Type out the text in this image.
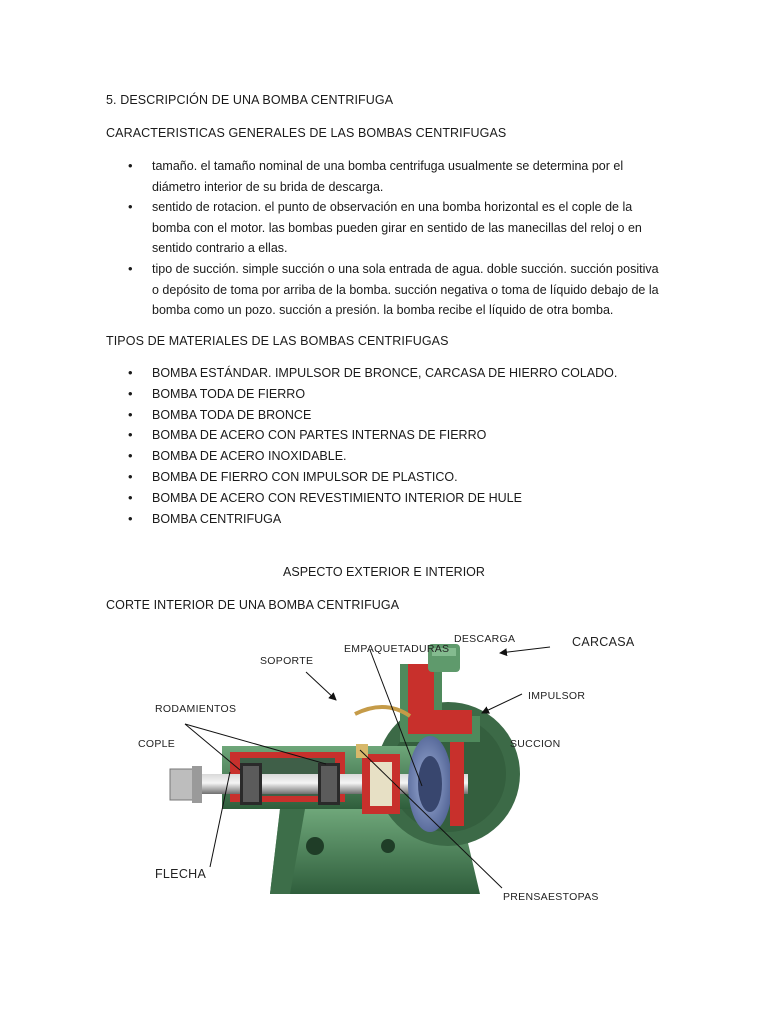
5. DESCRIPCIÓN DE UNA BOMBA CENTRIFUGA
CARACTERISTICAS GENERALES DE LAS BOMBAS CENTRIFUGAS
• tamaño. el tamaño nominal de una bomba centrifuga usualmente se determina por el diámetro interior de su brida de descarga.
• sentido de rotacion. el punto de observación en una bomba horizontal es el cople de la bomba con el motor. las bombas pueden girar en sentido de las manecillas del reloj o en sentido contrario a ellas.
• tipo de succión. simple succión o una sola entrada de agua. doble succión. succión positiva o depósito de toma por arriba de la bomba. succión negativa o toma de líquido debajo de la bomba como un pozo. succión a presión. la bomba recibe el líquido de otra bomba.
TIPOS DE MATERIALES DE LAS BOMBAS CENTRIFUGAS
• BOMBA ESTÁNDAR. IMPULSOR DE BRONCE, CARCASA DE HIERRO COLADO.
• BOMBA TODA DE FIERRO
• BOMBA TODA DE BRONCE
• BOMBA DE ACERO CON PARTES INTERNAS DE FIERRO
• BOMBA DE ACERO INOXIDABLE.
• BOMBA DE FIERRO CON IMPULSOR DE PLASTICO.
• BOMBA DE ACERO CON REVESTIMIENTO INTERIOR DE HULE
• BOMBA CENTRIFUGA
ASPECTO EXTERIOR E INTERIOR
CORTE INTERIOR DE UNA BOMBA CENTRIFUGA
DESCARGA	CARCASA
EMPAQUETADURAS
SOPORTE
IMPULSOR
RODAMIENTOS
COPLE	SUCCION
FLECHA
PRENSAESTOPAS
